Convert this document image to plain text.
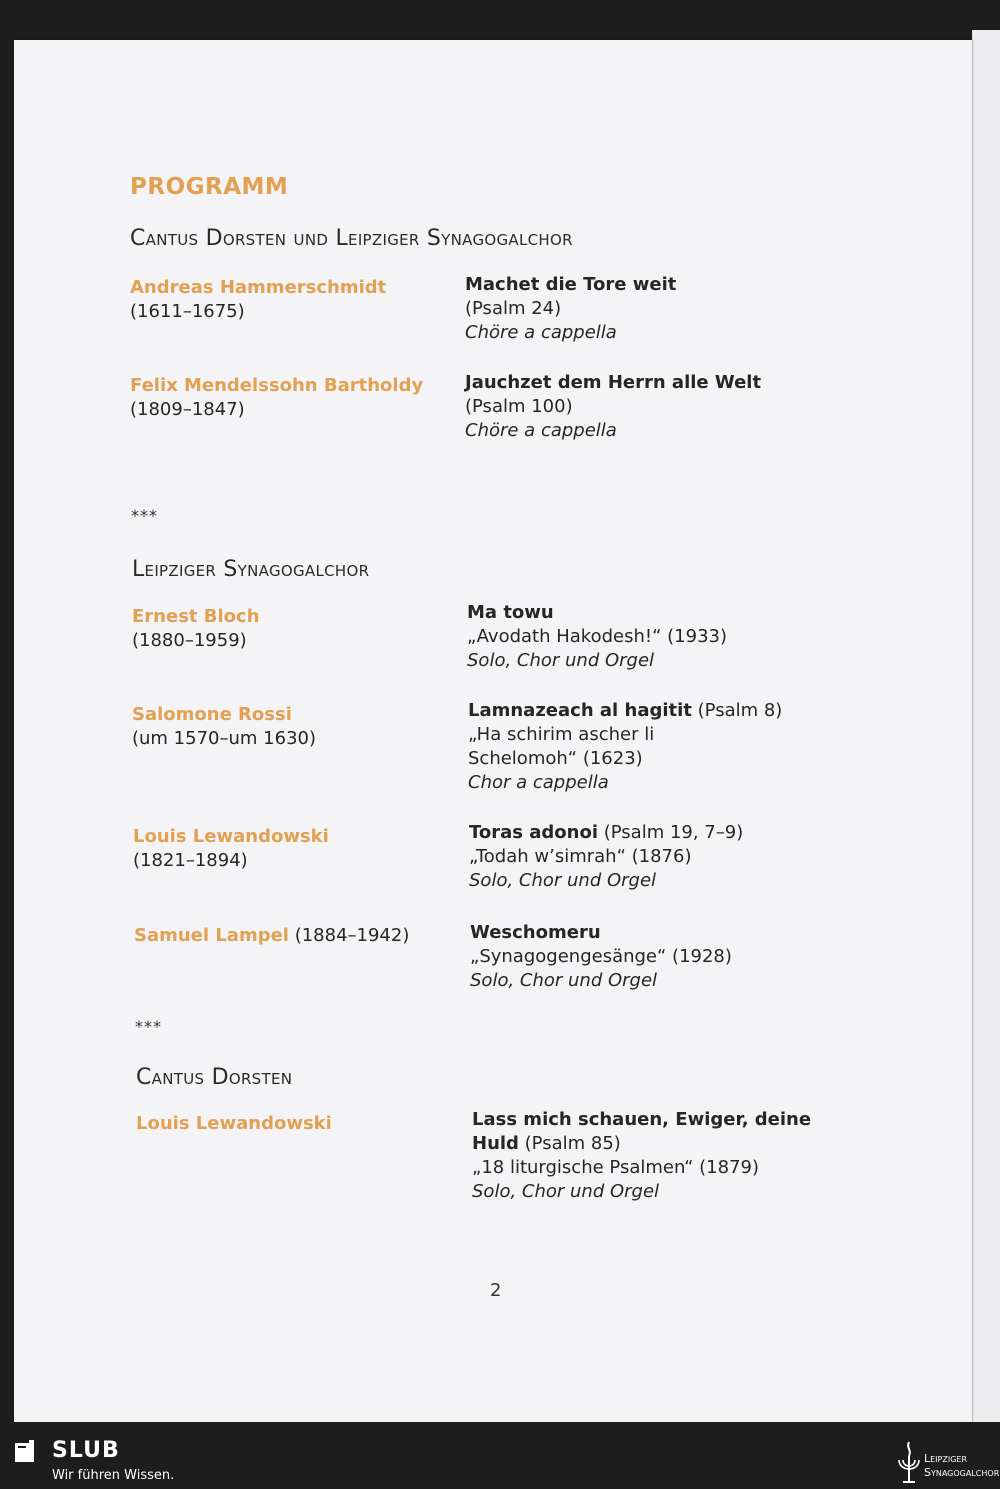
PROGRAMM
Cantus Dorsten und Leipziger Synagogalchor
Andreas Hammerschmidt
(1611–1675)
Machet die Tore weit
(Psalm 24)
Chöre a cappella
Felix Mendelssohn Bartholdy
(1809–1847)
Jauchzet dem Herrn alle Welt
(Psalm 100)
Chöre a cappella
***
Leipziger Synagogalchor
Ernest Bloch
(1880–1959)
Ma towu
„Avodath Hakodesh!“ (1933)
Solo, Chor und Orgel
Salomone Rossi
(um 1570–um 1630)
Lamnazeach al hagitit (Psalm 8)
„Ha schirim ascher li
Schelomoh“ (1623)
Chor a cappella
Louis Lewandowski
(1821–1894)
Toras adonoi (Psalm 19, 7–9)
„Todah w’simrah“ (1876)
Solo, Chor und Orgel
Samuel Lampel (1884–1942)	Weschomeru
„Synagogengesänge“ (1928)
Solo, Chor und Orgel
***
Cantus Dorsten
Louis Lewandowski	Lass mich schauen, Ewiger, deine Huld (Psalm 85)
„18 liturgische Psalmen“ (1879)
Solo, Chor und Orgel
2
SLUB
Wir führen Wissen.
Leipziger
Synagogalchor
